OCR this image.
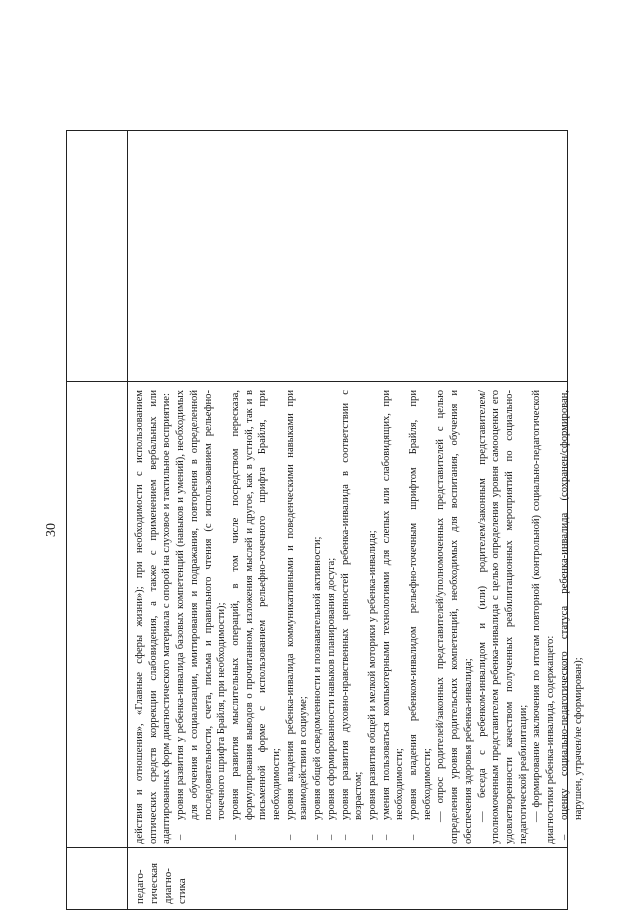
30
педаго- гическая диагно- стика

действия и отношения», «Главные сферы жизни»); при необходимости с использованием оптических средств коррекции слабовидения, а также с применением вербальных или адаптированных форм диагностического материала с опорой на слуховое и тактильное восприятие: –
уровня развития у ребенка-инвалида базовых компетенций (навыков и умений), необходимых для обучения и социализации, имитирования и подражания, повторения в определенной последовательности, счета, письма и правильного чтения (с использованием рельефно-точечного шрифта Брайля, при необходимости);
–
уровня развития мыслительных операций, в том числе посредством пересказа, формулирования выводов о прочитанном, изложения мыслей и другое, как в устной, так и в письменной форме с использованием рельефно-точечного шрифта Брайля, при необходимости;
–
уровня владения ребенка-инвалида коммуникативными и поведенческими навыками при взаимодействии в социуме;
–
уровня общей осведомленности и познавательной активности;
–
уровня сформированности навыков планирования досуга;
–
уровня развития духовно-нравственных ценностей ребенка-инвалида в соответствии с возрастом;
–
уровня развития общей и мелкой моторики у ребенка-инвалида;
–
умения пользоваться компьютерными технологиями для слепых или слабовидящих, при необходимости;
–
уровня владения ребенком-инвалидом рельефно-точечным шрифтом Брайля, при необходимости; — опрос родителей/законных представителей/уполномоченных представителей с целью определения уровня родительских компетенций, необходимых для воспитания, обучения и обеспечения здоровья ребенка-инвалида; — беседа с ребенком-инвалидом и (или) родителем/законным представителем/уполномоченным представителем ребенка-инвалида с целью определения уровня самооценки его удовлетворенности качеством полученных реабилитационных мероприятий по социально-педагогической реабилитации; — формирование заключения по итогам повторной (контрольной) социально-педагогической диагностики ребенка-инвалида, содержащего: –
оценку социально-педагогического статуса ребенка-инвалида (сохранен/сформирован, нарушен, утрачен/не сформирован);
